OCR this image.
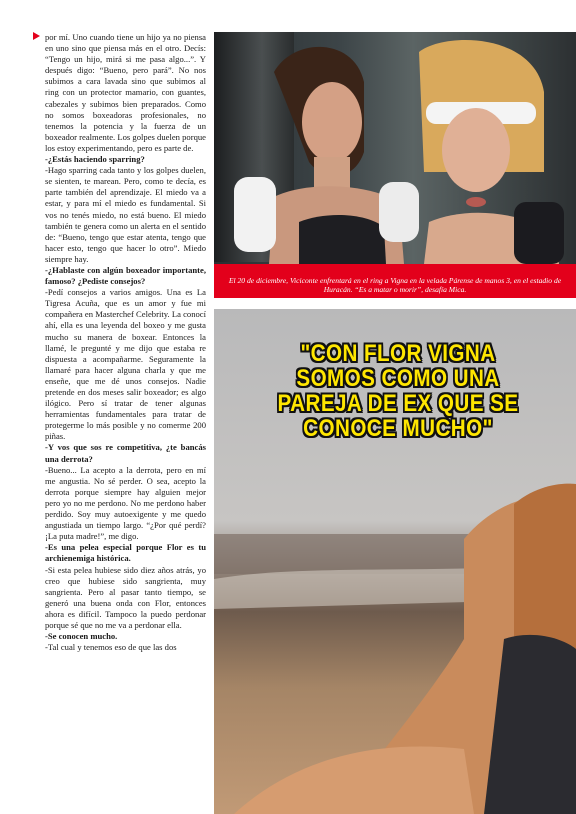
por mí. Uno cuando tiene un hijo ya no piensa en uno sino que piensa más en el otro. Decís: “Tengo un hijo, mirá si me pasa algo...”. Y después digo: “Bueno, pero pará”. No nos subimos a cara lavada sino que subimos al ring con un protector mamario, con guantes, cabezales y subimos bien preparados. Como no somos boxeadoras profesionales, no tenemos la potencia y la fuerza de un boxeador realmente. Los golpes duelen porque los estoy experimentando, pero es parte de.

-¿Estás haciendo sparring?

-Hago sparring cada tanto y los golpes duelen, se sienten, te marean. Pero, como te decía, es parte también del aprendizaje. El miedo va a estar, y para mí el miedo es fundamental. Si vos no tenés miedo, no está bueno. El miedo también te genera como un alerta en el sentido de: “Bueno, tengo que estar atenta, tengo que hacer esto, tengo que hacer lo otro”. Miedo siempre hay.

-¿Hablaste con algún boxeador importante, famoso? ¿Pediste consejos?

-Pedí consejos a varios amigos. Una es La Tigresa Acuña, que es un amor y fue mi compañera en Masterchef Celebrity. La conocí ahí, ella es una leyenda del boxeo y me gusta mucho su manera de boxear. Entonces la llamé, le pregunté y me dijo que estaba re dispuesta a acompañarme. Seguramente la llamaré para hacer alguna charla y que me enseñe, que me dé unos consejos. Nadie pretende en dos meses salir boxeador; es algo ilógico. Pero sí tratar de tener algunas herramientas fundamentales para tratar de protegerme lo más posible y no comerme 200 piñas.

-Y vos que sos re competitiva, ¿te bancás una derrota?

-Bueno... La acepto a la derrota, pero en mí me angustia. No sé perder. O sea, acepto la derrota porque siempre hay alguien mejor pero yo no me perdono. No me perdono haber perdido. Soy muy autoexigente y me quedo angustiada un tiempo largo. “¿Por qué perdí? ¡La puta madre!”, me digo.

-Es una pelea especial porque Flor es tu archienemiga histórica.

-Si esta pelea hubiese sido diez años atrás, yo creo que hubiese sido sangrienta, muy sangrienta. Pero al pasar tanto tiempo, se generó una buena onda con Flor, entonces ahora es difícil. Tampoco la puedo perdonar porque sé que no me va a perdonar ella.

-Se conocen mucho.

-Tal cual y tenemos eso de que las dos

El 20 de diciembre, Viciconte enfrentará en el ring a Vigna en la velada Párense de manos 3, en el estadio de Huracán. “Es a matar o morir”, desafía Mica.
"CON FLOR VIGNA SOMOS COMO UNA PAREJA DE EX QUE SE CONOCE MUCHO"
